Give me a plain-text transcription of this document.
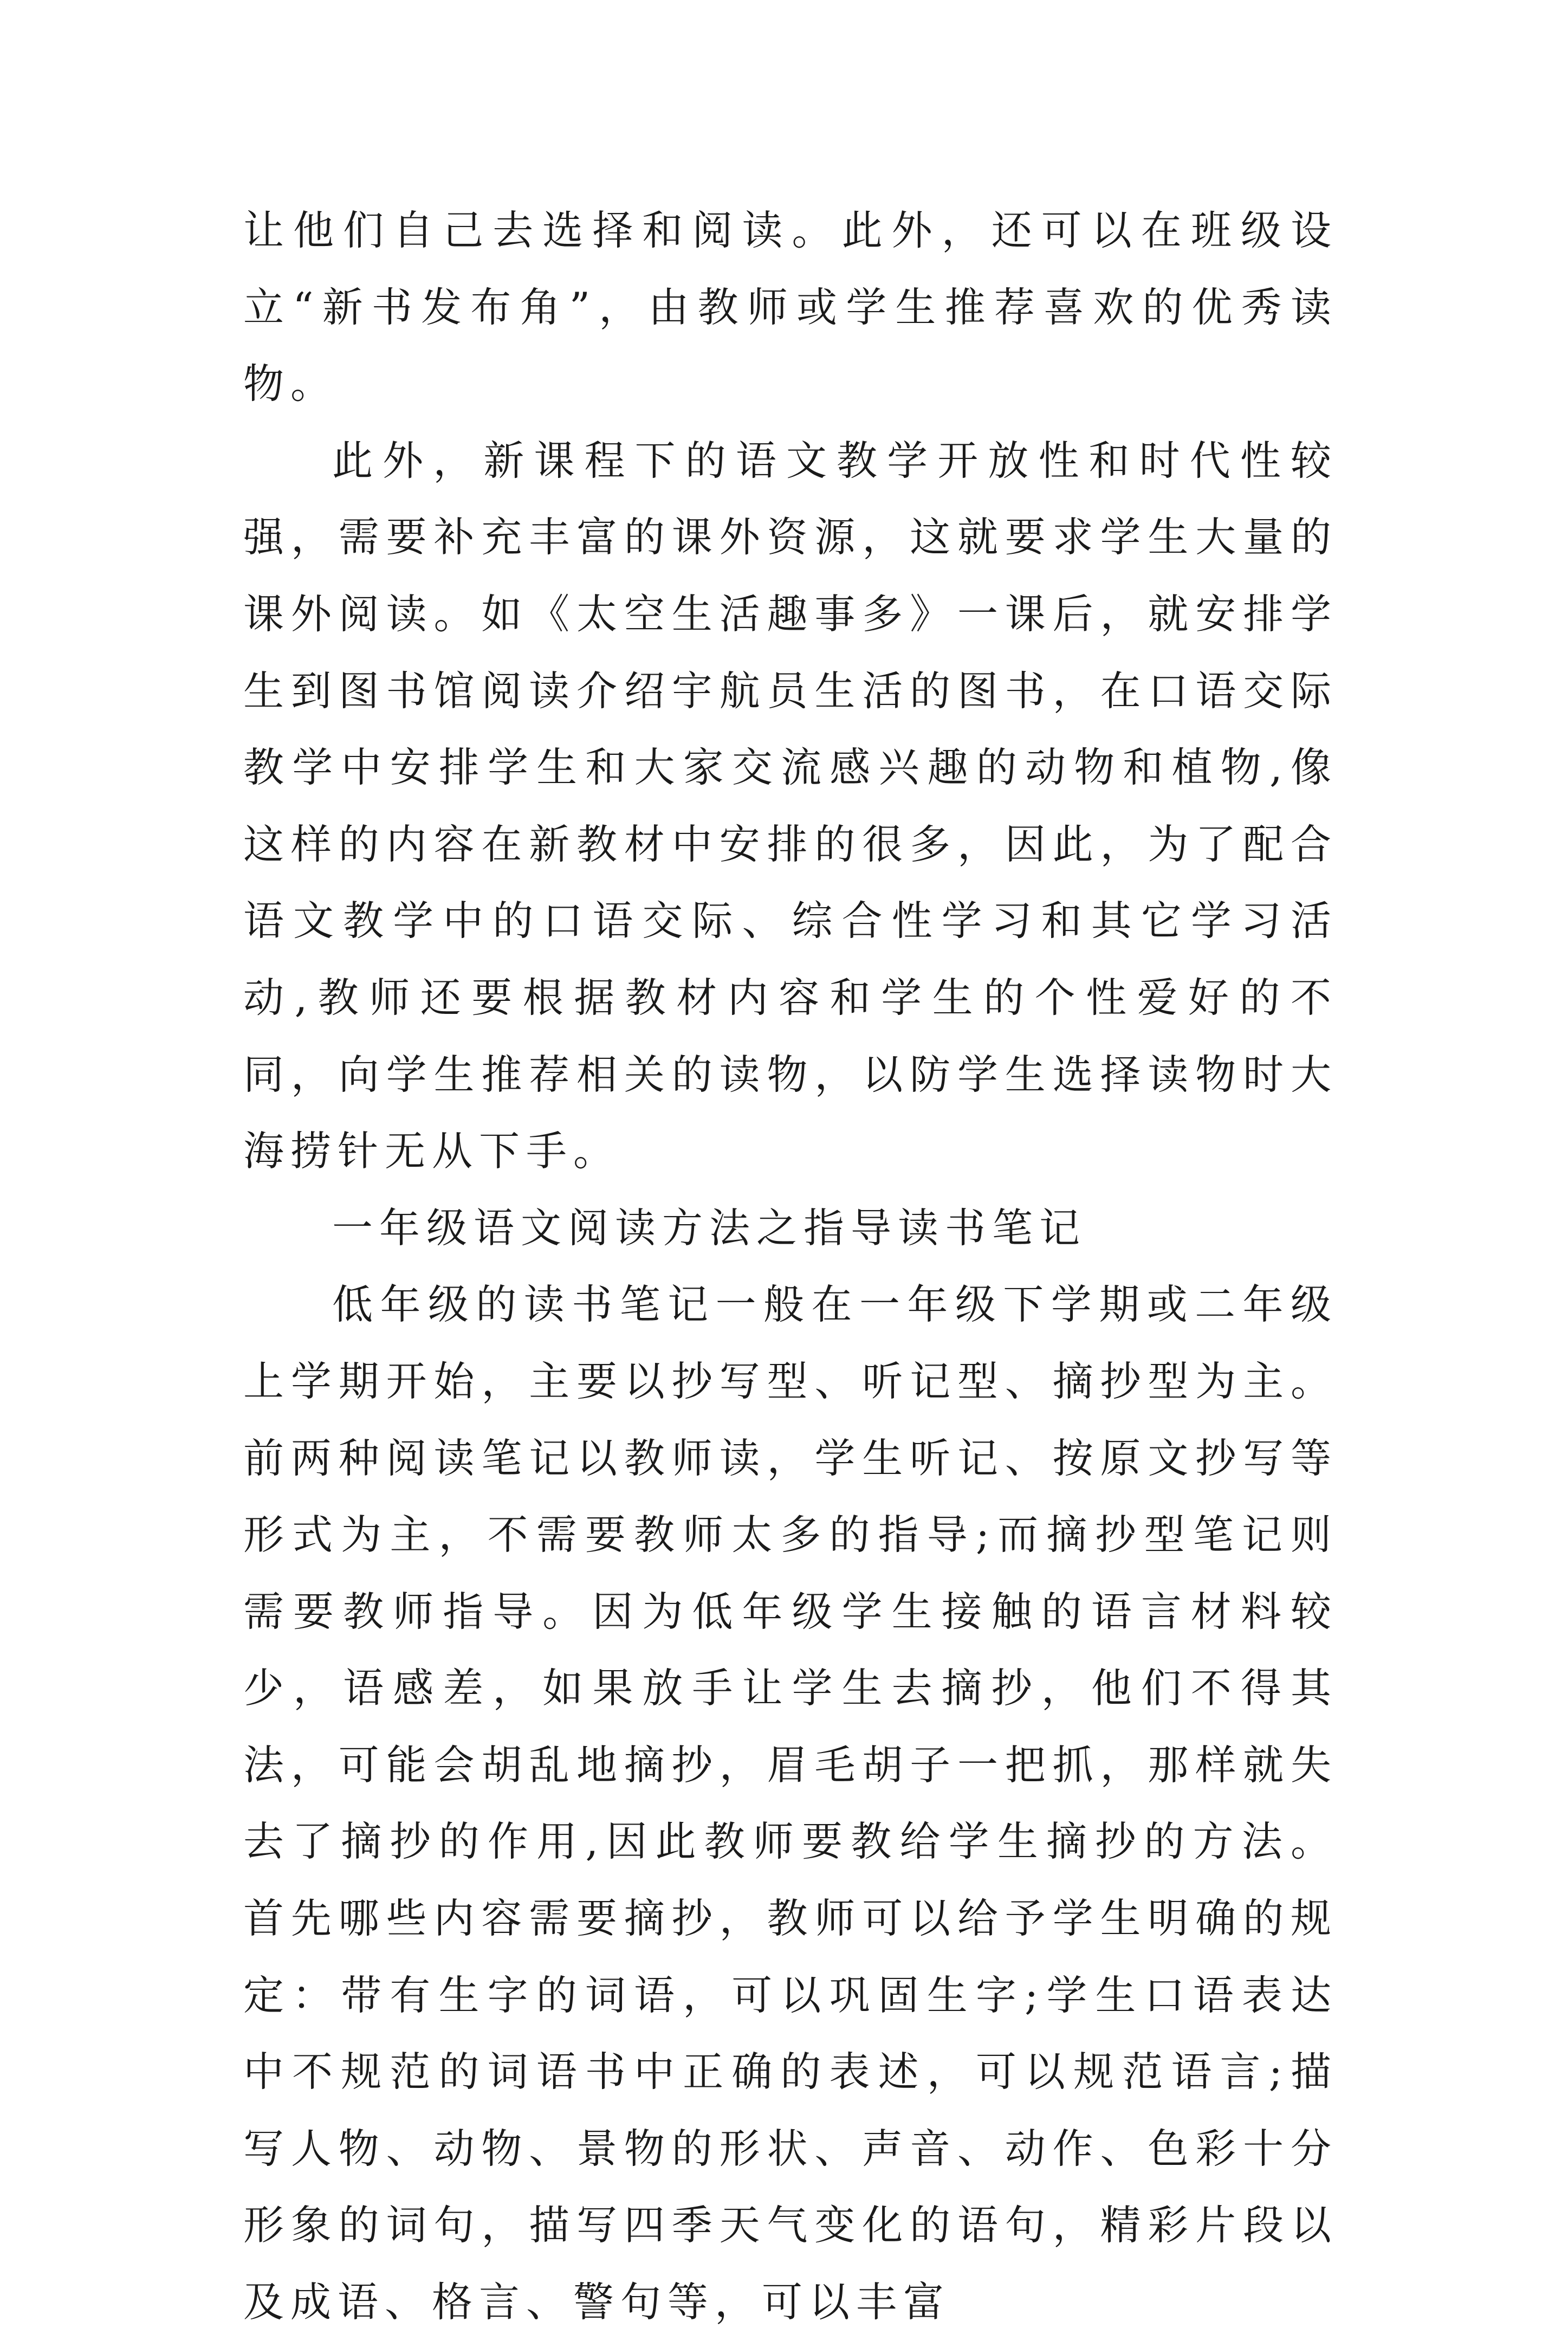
让他们自己去选择和阅读。此外，还可以在班级设立“新书发布角”，由教师或学生推荐喜欢的优秀读物。

此外，新课程下的语文教学开放性和时代性较强，需要补充丰富的课外资源，这就要求学生大量的课外阅读。如《太空生活趣事多》一课后，就安排学生到图书馆阅读介绍宇航员生活的图书，在口语交际教学中安排学生和大家交流感兴趣的动物和植物,像这样的内容在新教材中安排的很多，因此，为了配合语文教学中的口语交际、综合性学习和其它学习活动,教师还要根据教材内容和学生的个性爱好的不同，向学生推荐相关的读物，以防学生选择读物时大海捞针无从下手。

一年级语文阅读方法之指导读书笔记

低年级的读书笔记一般在一年级下学期或二年级上学期开始，主要以抄写型、听记型、摘抄型为主。前两种阅读笔记以教师读，学生听记、按原文抄写等形式为主，不需要教师太多的指导;而摘抄型笔记则需要教师指导。因为低年级学生接触的语言材料较少，语感差，如果放手让学生去摘抄，他们不得其法，可能会胡乱地摘抄，眉毛胡子一把抓，那样就失去了摘抄的作用,因此教师要教给学生摘抄的方法。首先哪些内容需要摘抄，教师可以给予学生明确的规定：带有生字的词语，可以巩固生字;学生口语表达中不规范的词语书中正确的表述，可以规范语言;描写人物、动物、景物的形状、声音、动作、色彩十分形象的词句，描写四季天气变化的语句，精彩片段以及成语、格言、警句等，可以丰富
